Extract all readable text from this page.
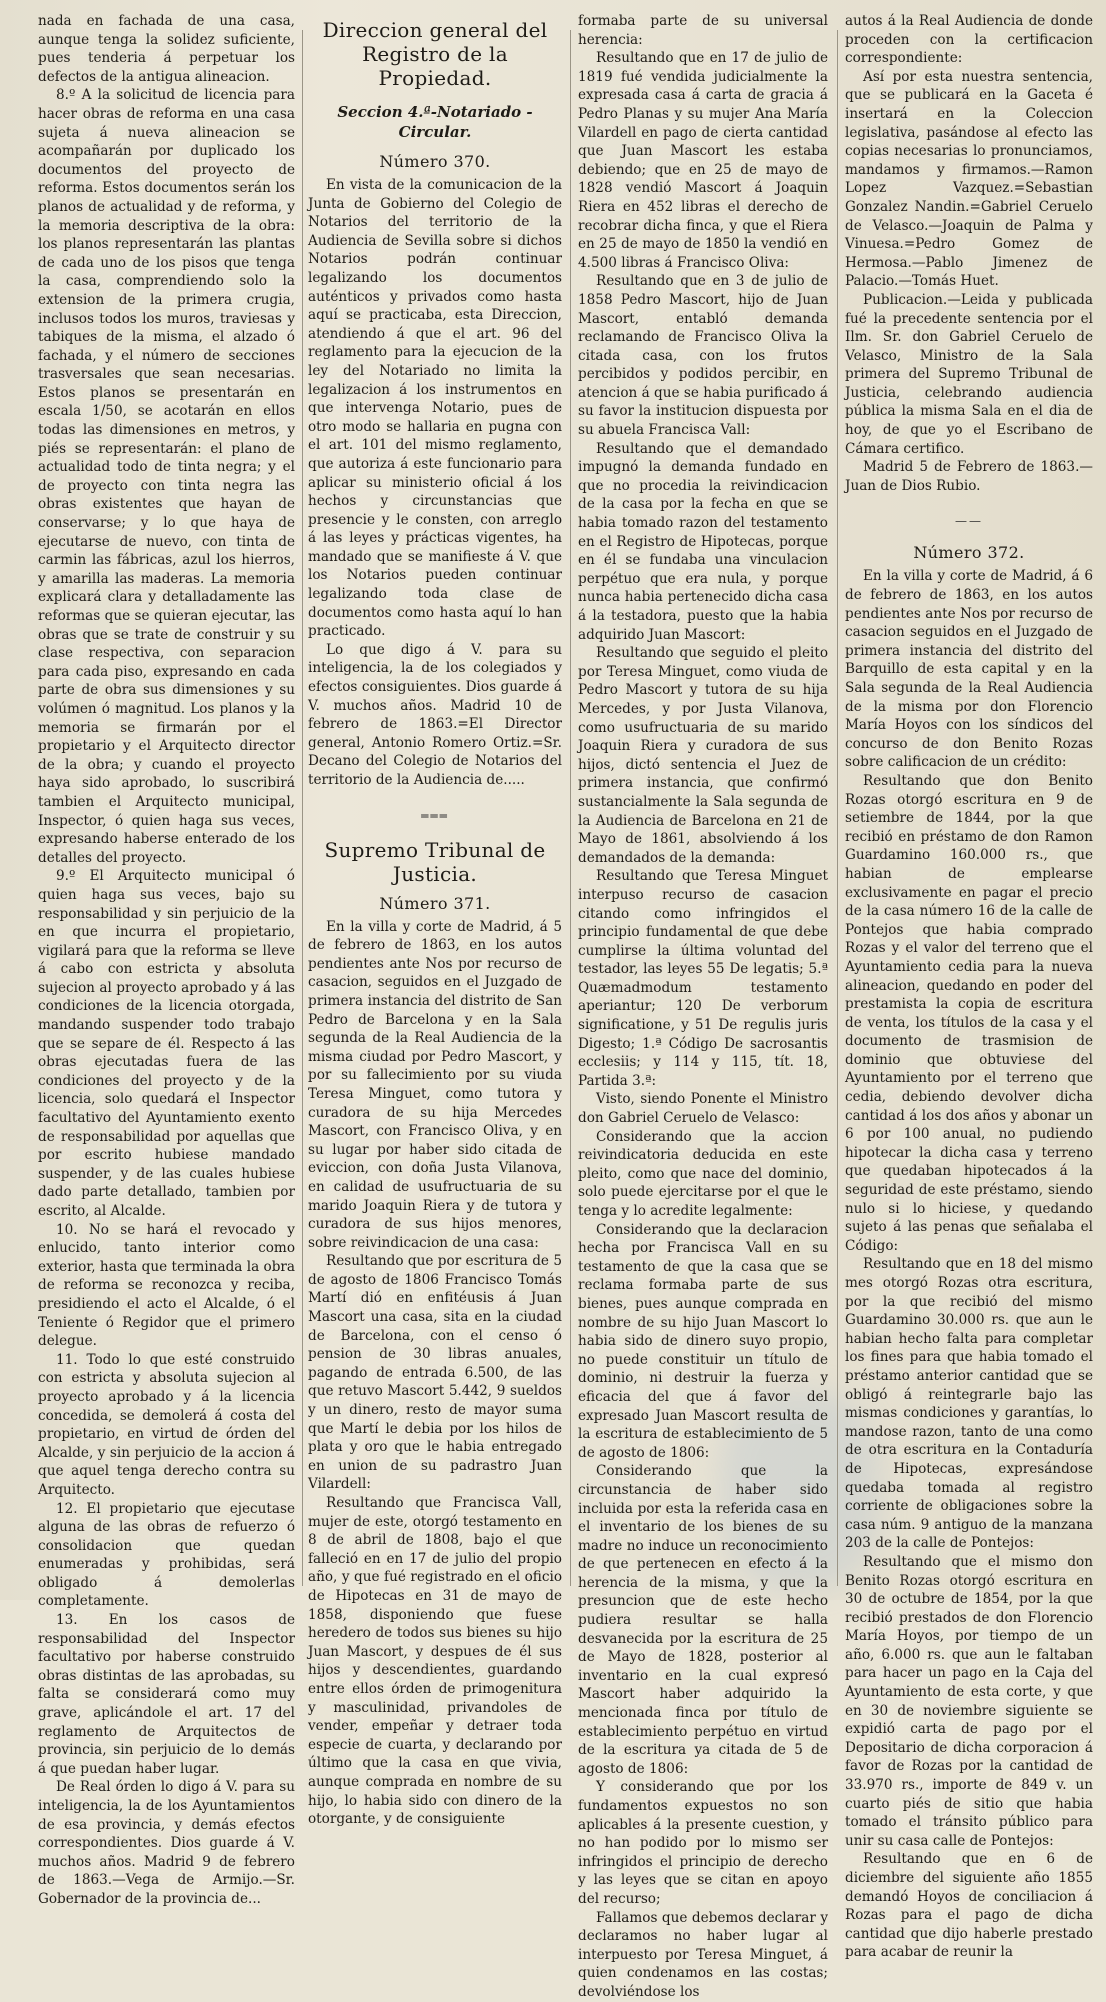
nada en fachada de una casa, aunque tenga la solidez suficiente, pues tenderia á perpetuar los defectos de la antigua alineacion.

8.º A la solicitud de licencia para hacer obras de reforma en una casa sujeta á nueva alineacion se acompañarán por duplicado los documentos del proyecto de reforma. Estos documentos serán los planos de actualidad y de reforma, y la memoria descriptiva de la obra: los planos representarán las plantas de cada uno de los pisos que tenga la casa, comprendiendo solo la extension de la primera crugia, inclusos todos los muros, traviesas y tabiques de la misma, el alzado ó fachada, y el número de secciones trasversales que sean necesarias. Estos planos se presentarán en escala 1/50, se acotarán en ellos todas las dimensiones en metros, y piés se representarán: el plano de actualidad todo de tinta negra; y el de proyecto con tinta negra las obras existentes que hayan de conservarse; y lo que haya de ejecutarse de nuevo, con tinta de carmin las fábricas, azul los hierros, y amarilla las maderas. La memoria explicará clara y detalladamente las reformas que se quieran ejecutar, las obras que se trate de construir y su clase respectiva, con separacion para cada piso, expresando en cada parte de obra sus dimensiones y su volúmen ó magnitud. Los planos y la memoria se firmarán por el propietario y el Arquitecto director de la obra; y cuando el proyecto haya sido aprobado, lo suscribirá tambien el Arquitecto municipal, Inspector, ó quien haga sus veces, expresando haberse enterado de los detalles del proyecto.

9.º El Arquitecto municipal ó quien haga sus veces, bajo su responsabilidad y sin perjuicio de la en que incurra el propietario, vigilará para que la reforma se lleve á cabo con estricta y absoluta sujecion al proyecto aprobado y á las condiciones de la licencia otorgada, mandando suspender todo trabajo que se separe de él. Respecto á las obras ejecutadas fuera de las condiciones del proyecto y de la licencia, solo quedará el Inspector facultativo del Ayuntamiento exento de responsabilidad por aquellas que por escrito hubiese mandado suspender, y de las cuales hubiese dado parte detallado, tambien por escrito, al Alcalde.

10. No se hará el revocado y enlucido, tanto interior como exterior, hasta que terminada la obra de reforma se reconozca y reciba, presidiendo el acto el Alcalde, ó el Teniente ó Regidor que el primero delegue.

11. Todo lo que esté construido con estricta y absoluta sujecion al proyecto aprobado y á la licencia concedida, se demolerá á costa del propietario, en virtud de órden del Alcalde, y sin perjuicio de la accion á que aquel tenga derecho contra su Arquitecto.

12. El propietario que ejecutase alguna de las obras de refuerzo ó consolidacion que quedan enumeradas y prohibidas, será obligado á demolerlas completamente.

13. En los casos de responsabilidad del Inspector facultativo por haberse construido obras distintas de las aprobadas, su falta se considerará como muy grave, aplicándole el art. 17 del reglamento de Arquitectos de provincia, sin perjuicio de lo demás á que puedan haber lugar.

De Real órden lo digo á V. para su inteligencia, la de los Ayuntamientos de esa provincia, y demás efectos correspondientes. Dios guarde á V. muchos años. Madrid 9 de febrero de 1863.—Vega de Armijo.—Sr. Gobernador de la provincia de...

Direccion general del Registro de la Propiedad.
Seccion 4.ª-Notariado -Circular.
Número 370.

En vista de la comunicacion de la Junta de Gobierno del Colegio de Notarios del territorio de la Audiencia de Sevilla sobre si dichos Notarios podrán continuar legalizando los documentos auténticos y privados como hasta aquí se practicaba, esta Direccion, atendiendo á que el art. 96 del reglamento para la ejecucion de la ley del Notariado no limita la legalizacion á los instrumentos en que intervenga Notario, pues de otro modo se hallaria en pugna con el art. 101 del mismo reglamento, que autoriza á este funcionario para aplicar su ministerio oficial á los hechos y circunstancias que presencie y le consten, con arreglo á las leyes y prácticas vigentes, ha mandado que se manifieste á V. que los Notarios pueden continuar legalizando toda clase de documentos como hasta aquí lo han practicado.

Lo que digo á V. para su inteligencia, la de los colegiados y efectos consiguientes. Dios guarde á V. muchos años. Madrid 10 de febrero de 1863.=El Director general, Antonio Romero Ortiz.=Sr. Decano del Colegio de Notarios del territorio de la Audiencia de.....

═══
Supremo Tribunal de Justicia.
Número 371.

En la villa y corte de Madrid, á 5 de febrero de 1863, en los autos pendientes ante Nos por recurso de casacion, seguidos en el Juzgado de primera instancia del distrito de San Pedro de Barcelona y en la Sala segunda de la Real Audiencia de la misma ciudad por Pedro Mascort, y por su fallecimiento por su viuda Teresa Minguet, como tutora y curadora de su hija Mercedes Mascort, con Francisco Oliva, y en su lugar por haber sido citada de eviccion, con doña Justa Vilanova, en calidad de usufructuaria de su marido Joaquin Riera y de tutora y curadora de sus hijos menores, sobre reivindicacion de una casa:

Resultando que por escritura de 5 de agosto de 1806 Francisco Tomás Martí dió en enfitéusis á Juan Mascort una casa, sita en la ciudad de Barcelona, con el censo ó pension de 30 libras anuales, pagando de entrada 6.500, de las que retuvo Mascort 5.442, 9 sueldos y un dinero, resto de mayor suma que Martí le debia por los hilos de plata y oro que le habia entregado en union de su padrastro Juan Vilardell:

Resultando que Francisca Vall, mujer de este, otorgó testamento en 8 de abril de 1808, bajo el que falleció en en 17 de julio del propio año, y que fué registrado en el oficio de Hipotecas en 31 de mayo de 1858, disponiendo que fuese heredero de todos sus bienes su hijo Juan Mascort, y despues de él sus hijos y descendientes, guardando entre ellos órden de primogenitura y masculinidad, privandoles de vender, empeñar y detraer toda especie de cuarta, y declarando por último que la casa en que vivia, aunque comprada en nombre de su hijo, lo habia sido con dinero de la otorgante, y de consiguiente

formaba parte de su universal herencia:

Resultando que en 17 de julio de 1819 fué vendida judicialmente la expresada casa á carta de gracia á Pedro Planas y su mujer Ana María Vilardell en pago de cierta cantidad que Juan Mascort les estaba debiendo; que en 25 de mayo de 1828 vendió Mascort á Joaquin Riera en 452 libras el derecho de recobrar dicha finca, y que el Riera en 25 de mayo de 1850 la vendió en 4.500 libras á Francisco Oliva:

Resultando que en 3 de julio de 1858 Pedro Mascort, hijo de Juan Mascort, entabló demanda reclamando de Francisco Oliva la citada casa, con los frutos percibidos y podidos percibir, en atencion á que se habia purificado á su favor la institucion dispuesta por su abuela Francisca Vall:

Resultando que el demandado impugnó la demanda fundado en que no procedia la reivindicacion de la casa por la fecha en que se habia tomado razon del testamento en el Registro de Hipotecas, porque en él se fundaba una vinculacion perpétuo que era nula, y porque nunca habia pertenecido dicha casa á la testadora, puesto que la habia adquirido Juan Mascort:

Resultando que seguido el pleito por Teresa Minguet, como viuda de Pedro Mascort y tutora de su hija Mercedes, y por Justa Vilanova, como usufructuaria de su marido Joaquin Riera y curadora de sus hijos, dictó sentencia el Juez de primera instancia, que confirmó sustancialmente la Sala segunda de la Audiencia de Barcelona en 21 de Mayo de 1861, absolviendo á los demandados de la demanda:

Resultando que Teresa Minguet interpuso recurso de casacion citando como infringidos el principio fundamental de que debe cumplirse la última voluntad del testador, las leyes 55 De legatis; 5.ª Quæmadmodum testamento aperiantur; 120 De verborum significatione, y 51 De regulis juris Digesto; 1.ª Código De sacrosantis ecclesiis; y 114 y 115, tít. 18, Partida 3.ª:

Visto, siendo Ponente el Ministro don Gabriel Ceruelo de Velasco:

Considerando que la accion reivindicatoria deducida en este pleito, como que nace del dominio, solo puede ejercitarse por el que le tenga y lo acredite legalmente:

Considerando que la declaracion hecha por Francisca Vall en su testamento de que la casa que se reclama formaba parte de sus bienes, pues aunque comprada en nombre de su hijo Juan Mascort lo habia sido de dinero suyo propio, no puede constituir un título de dominio, ni destruir la fuerza y eficacia del que á favor del expresado Juan Mascort resulta de la escritura de establecimiento de 5 de agosto de 1806:

Considerando que la circunstancia de haber sido incluida por esta la referida casa en el inventario de los bienes de su madre no induce un reconocimiento de que pertenecen en efecto á la herencia de la misma, y que la presuncion que de este hecho pudiera resultar se halla desvanecida por la escritura de 25 de Mayo de 1828, posterior al inventario en la cual expresó Mascort haber adquirido la mencionada finca por título de establecimiento perpétuo en virtud de la escritura ya citada de 5 de agosto de 1806:

Y considerando que por los fundamentos expuestos no son aplicables á la presente cuestion, y no han podido por lo mismo ser infringidos el principio de derecho y las leyes que se citan en apoyo del recurso;

Fallamos que debemos declarar y declaramos no haber lugar al interpuesto por Teresa Minguet, á quien condenamos en las costas; devolviéndose los

autos á la Real Audiencia de donde proceden con la certificacion correspondiente:

Así por esta nuestra sentencia, que se publicará en la Gaceta é insertará en la Coleccion legislativa, pasándose al efecto las copias necesarias lo pronunciamos, mandamos y firmamos.—Ramon Lopez Vazquez.=Sebastian Gonzalez Nandin.=Gabriel Ceruelo de Velasco.—Joaquin de Palma y Vinuesa.=Pedro Gomez de Hermosa.—Pablo Jimenez de Palacio.—Tomás Huet.

Publicacion.—Leida y publicada fué la precedente sentencia por el Ilm. Sr. don Gabriel Ceruelo de Velasco, Ministro de la Sala primera del Supremo Tribunal de Justicia, celebrando audiencia pública la misma Sala en el dia de hoy, de que yo el Escribano de Cámara certifico.

Madrid 5 de Febrero de 1863.—Juan de Dios Rubio.

——
Número 372.

En la villa y corte de Madrid, á 6 de febrero de 1863, en los autos pendientes ante Nos por recurso de casacion seguidos en el Juzgado de primera instancia del distrito del Barquillo de esta capital y en la Sala segunda de la Real Audiencia de la misma por don Florencio María Hoyos con los síndicos del concurso de don Benito Rozas sobre calificacion de un crédito:

Resultando que don Benito Rozas otorgó escritura en 9 de setiembre de 1844, por la que recibió en préstamo de don Ramon Guardamino 160.000 rs., que habian de emplearse exclusivamente en pagar el precio de la casa número 16 de la calle de Pontejos que habia comprado Rozas y el valor del terreno que el Ayuntamiento cedia para la nueva alineacion, quedando en poder del prestamista la copia de escritura de venta, los títulos de la casa y el documento de trasmision de dominio que obtuviese del Ayuntamiento por el terreno que cedia, debiendo devolver dicha cantidad á los dos años y abonar un 6 por 100 anual, no pudiendo hipotecar la dicha casa y terreno que quedaban hipotecados á la seguridad de este préstamo, siendo nulo si lo hiciese, y quedando sujeto á las penas que señalaba el Código:

Resultando que en 18 del mismo mes otorgó Rozas otra escritura, por la que recibió del mismo Guardamino 30.000 rs. que aun le habian hecho falta para completar los fines para que habia tomado el préstamo anterior cantidad que se obligó á reintegrarle bajo las mismas condiciones y garantías, lo mandose razon, tanto de una como de otra escritura en la Contaduría de Hipotecas, expresándose quedaba tomada al registro corriente de obligaciones sobre la casa núm. 9 antiguo de la manzana 203 de la calle de Pontejos:

Resultando que el mismo don Benito Rozas otorgó escritura en 30 de octubre de 1854, por la que recibió prestados de don Florencio María Hoyos, por tiempo de un año, 6.000 rs. que aun le faltaban para hacer un pago en la Caja del Ayuntamiento de esta corte, y que en 30 de noviembre siguiente se expidió carta de pago por el Depositario de dicha corporacion á favor de Rozas por la cantidad de 33.970 rs., importe de 849 v. un cuarto piés de sitio que habia tomado el tránsito público para unir su casa calle de Pontejos:

Resultando que en 6 de diciembre del siguiente año 1855 demandó Hoyos de conciliacion á Rozas para el pago de dicha cantidad que dijo haberle prestado para acabar de reunir la
